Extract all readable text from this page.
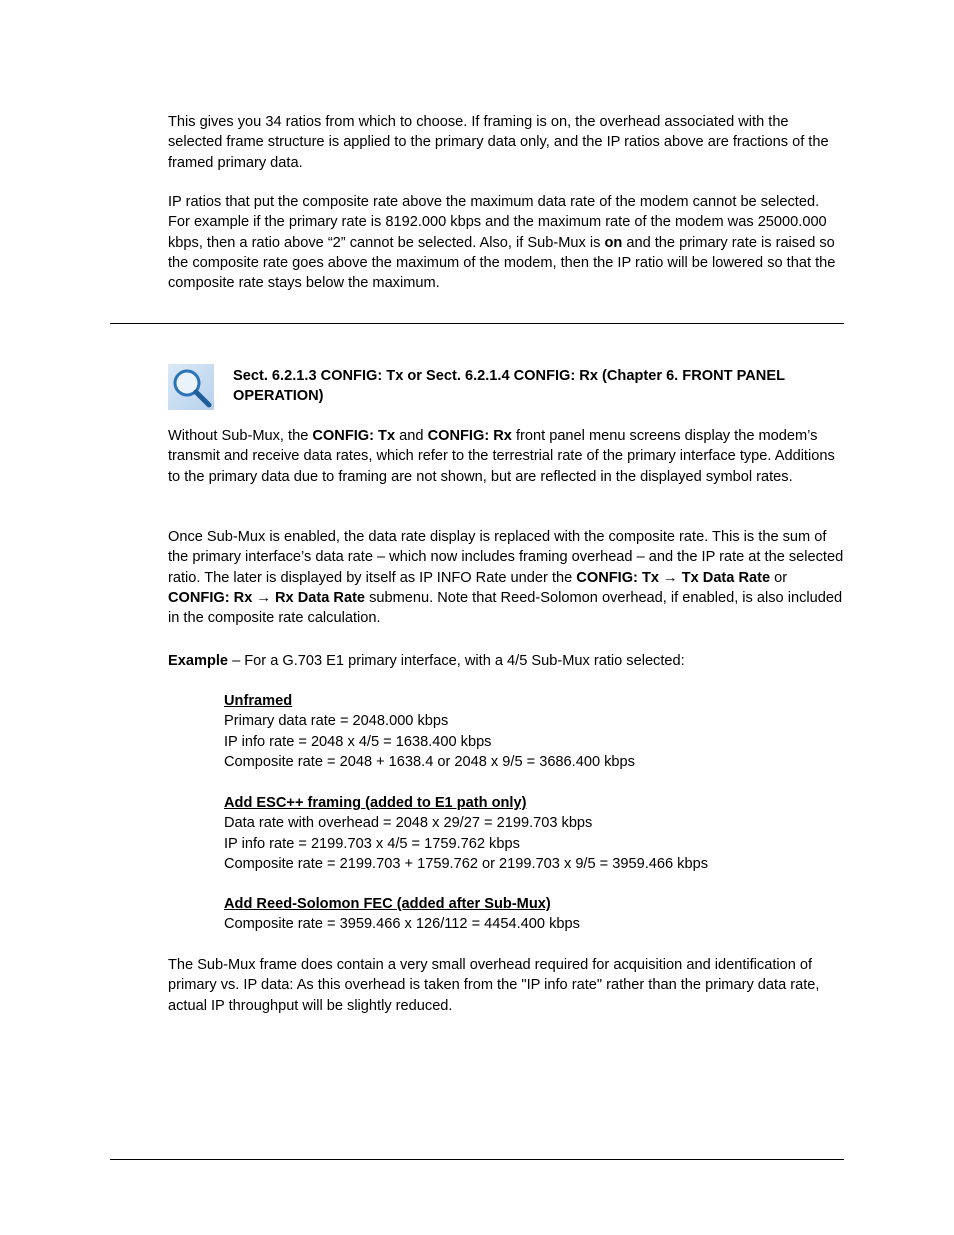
This gives you 34 ratios from which to choose. If framing is on, the overhead associated with the selected frame structure is applied to the primary data only, and the IP ratios above are fractions of the framed primary data.

IP ratios that put the composite rate above the maximum data rate of the modem cannot be selected. For example if the primary rate is 8192.000 kbps and the maximum rate of the modem was 25000.000 kbps, then a ratio above “2” cannot be selected. Also, if Sub-Mux is on and the primary rate is raised so the composite rate goes above the maximum of the modem, then the IP ratio will be lowered so that the composite rate stays below the maximum.

Sect. 6.2.1.3 CONFIG: Tx or Sect. 6.2.1.4 CONFIG: Rx (Chapter 6. FRONT PANEL OPERATION)

Without Sub-Mux, the CONFIG: Tx and CONFIG: Rx front panel menu screens display the modem’s transmit and receive data rates, which refer to the terrestrial rate of the primary interface type. Additions to the primary data due to framing are not shown, but are reflected in the displayed symbol rates.

Once Sub-Mux is enabled, the data rate display is replaced with the composite rate. This is the sum of the primary interface’s data rate – which now includes framing overhead – and the IP rate at the selected ratio. The later is displayed by itself as IP INFO Rate under the CONFIG: Tx → Tx Data Rate or CONFIG: Rx → Rx Data Rate submenu. Note that Reed-Solomon overhead, if enabled, is also included in the composite rate calculation.

Example – For a G.703 E1 primary interface, with a 4/5 Sub-Mux ratio selected:

Unframed
Primary data rate = 2048.000 kbps
IP info rate = 2048 x 4/5 = 1638.400 kbps
Composite rate = 2048 + 1638.4 or 2048 x 9/5 = 3686.400 kbps
Add ESC++ framing (added to E1 path only)
Data rate with overhead = 2048 x 29/27 = 2199.703 kbps
IP info rate = 2199.703 x 4/5 = 1759.762 kbps
Composite rate = 2199.703 + 1759.762 or 2199.703 x 9/5 = 3959.466 kbps
Add Reed-Solomon FEC (added after Sub-Mux)
Composite rate = 3959.466 x 126/112 = 4454.400 kbps

The Sub-Mux frame does contain a very small overhead required for acquisition and identification of primary vs. IP data: As this overhead is taken from the "IP info rate" rather than the primary data rate, actual IP throughput will be slightly reduced.
